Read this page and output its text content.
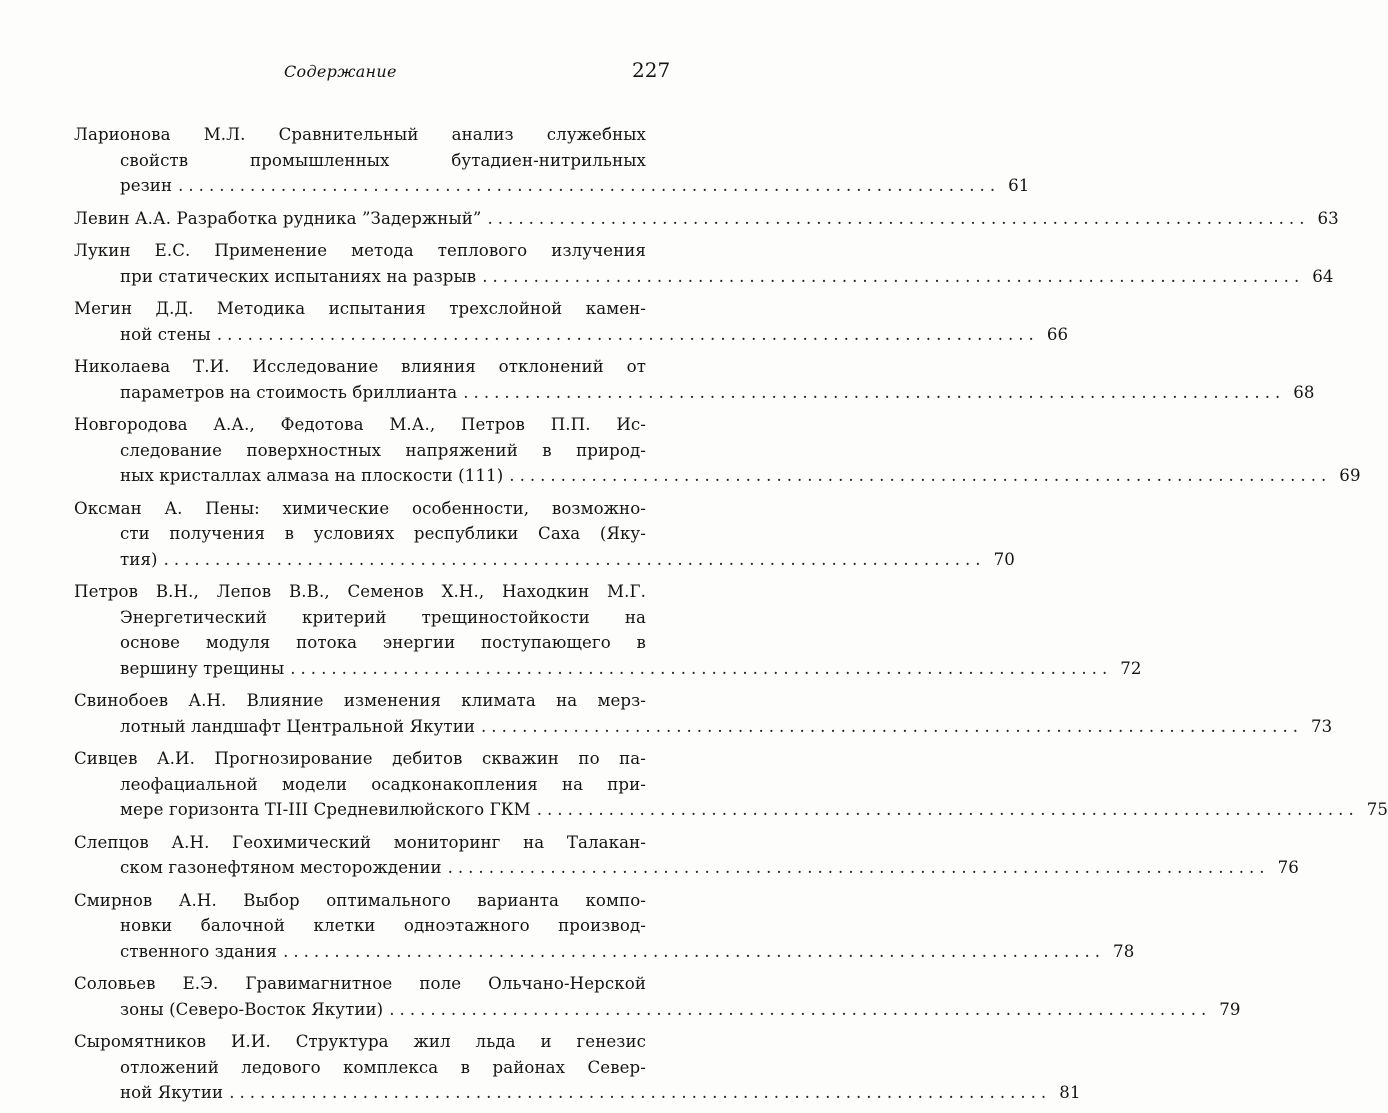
Содержание	227
Ларионова М.Л. Сравнительный анализ служебных
свойств промышленных бутадиен-нитрильных
резин ................................................................................ 61
Левин А.А. Разработка рудника ”Задержный” ................................................................................ 63
Лукин Е.С. Применение метода теплового излучения
при статических испытаниях на разрыв ................................................................................ 64
Мегин Д.Д. Методика испытания трехслойной камен-
ной стены ................................................................................ 66
Николаева Т.И. Исследование влияния отклонений от
параметров на стоимость бриллианта ................................................................................ 68
Новгородова А.А., Федотова М.А., Петров П.П. Ис-
следование поверхностных напряжений в природ-
ных кристаллах алмаза на плоскости (111) ................................................................................ 69
Оксман А. Пены: химические особенности, возможно-
сти получения в условиях республики Саха (Яку-
тия) ................................................................................ 70
Петров В.Н., Лепов В.В., Семенов Х.Н., Находкин М.Г.
Энергетический критерий трещиностойкости на
основе модуля потока энергии поступающего в
вершину трещины ................................................................................ 72
Свинобоев А.Н. Влияние изменения климата на мерз-
лотный ландшафт Центральной Якутии ................................................................................ 73
Сивцев А.И. Прогнозирование дебитов скважин по па-
леофациальной модели осадконакопления на при-
мере горизонта ТI-III Средневилюйского ГКМ ................................................................................ 75
Слепцов А.Н. Геохимический мониторинг на Талакан-
ском газонефтяном месторождении ................................................................................ 76
Смирнов А.Н. Выбор оптимального варианта компо-
новки балочной клетки одноэтажного производ-
ственного здания ................................................................................ 78
Соловьев Е.Э. Гравимагнитное поле Ольчано-Нерской
зоны (Северо-Восток Якутии) ................................................................................ 79
Сыромятников И.И. Структура жил льда и генезис
отложений ледового комплекса в районах Север-
ной Якутии ................................................................................ 81
